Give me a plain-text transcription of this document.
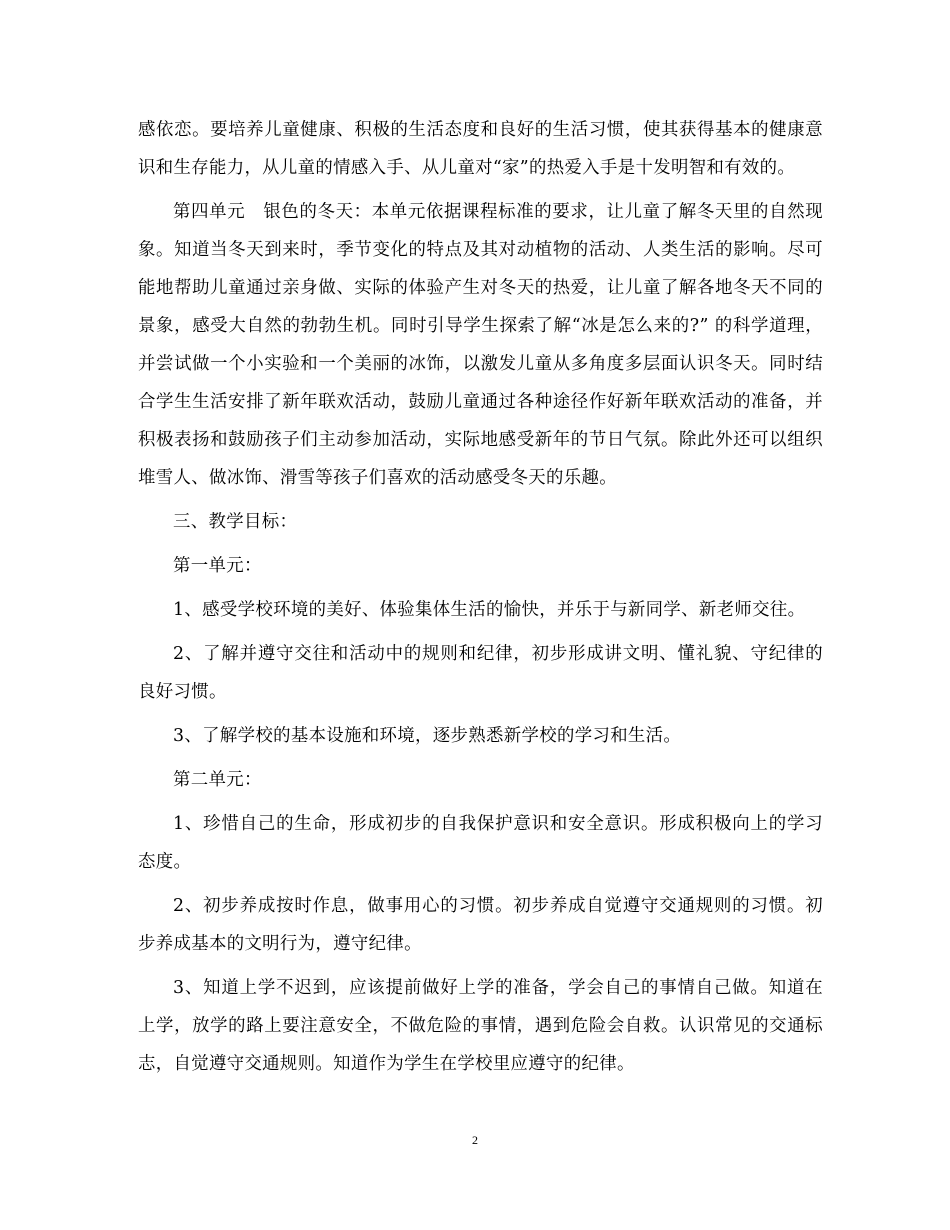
感依恋。要培养儿童健康、积极的生活态度和良好的生活习惯，使其获得基本的健康意识和生存能力，从儿童的情感入手、从儿童对“家”的热爱入手是十发明智和有效的。

第四单元　银色的冬天：本单元依据课程标准的要求，让儿童了解冬天里的自然现象。知道当冬天到来时，季节变化的特点及其对动植物的活动、人类生活的影响。尽可能地帮助儿童通过亲身做、实际的体验产生对冬天的热爱，让儿童了解各地冬天不同的景象，感受大自然的勃勃生机。同时引导学生探索了解“冰是怎么来的?” 的科学道理，并尝试做一个小实验和一个美丽的冰饰，以激发儿童从多角度多层面认识冬天。同时结合学生生活安排了新年联欢活动，鼓励儿童通过各种途径作好新年联欢活动的准备，并积极表扬和鼓励孩子们主动参加活动，实际地感受新年的节日气氛。除此外还可以组织堆雪人、做冰饰、滑雪等孩子们喜欢的活动感受冬天的乐趣。

三、教学目标：

第一单元：

1、感受学校环境的美好、体验集体生活的愉快，并乐于与新同学、新老师交往。

2、了解并遵守交往和活动中的规则和纪律，初步形成讲文明、懂礼貌、守纪律的良好习惯。

3、了解学校的基本设施和环境，逐步熟悉新学校的学习和生活。

第二单元：

1、珍惜自己的生命，形成初步的自我保护意识和安全意识。形成积极向上的学习态度。

2、初步养成按时作息，做事用心的习惯。初步养成自觉遵守交通规则的习惯。初步养成基本的文明行为，遵守纪律。

3、知道上学不迟到，应该提前做好上学的准备，学会自己的事情自己做。知道在上学，放学的路上要注意安全，不做危险的事情，遇到危险会自救。认识常见的交通标志，自觉遵守交通规则。知道作为学生在学校里应遵守的纪律。

2
